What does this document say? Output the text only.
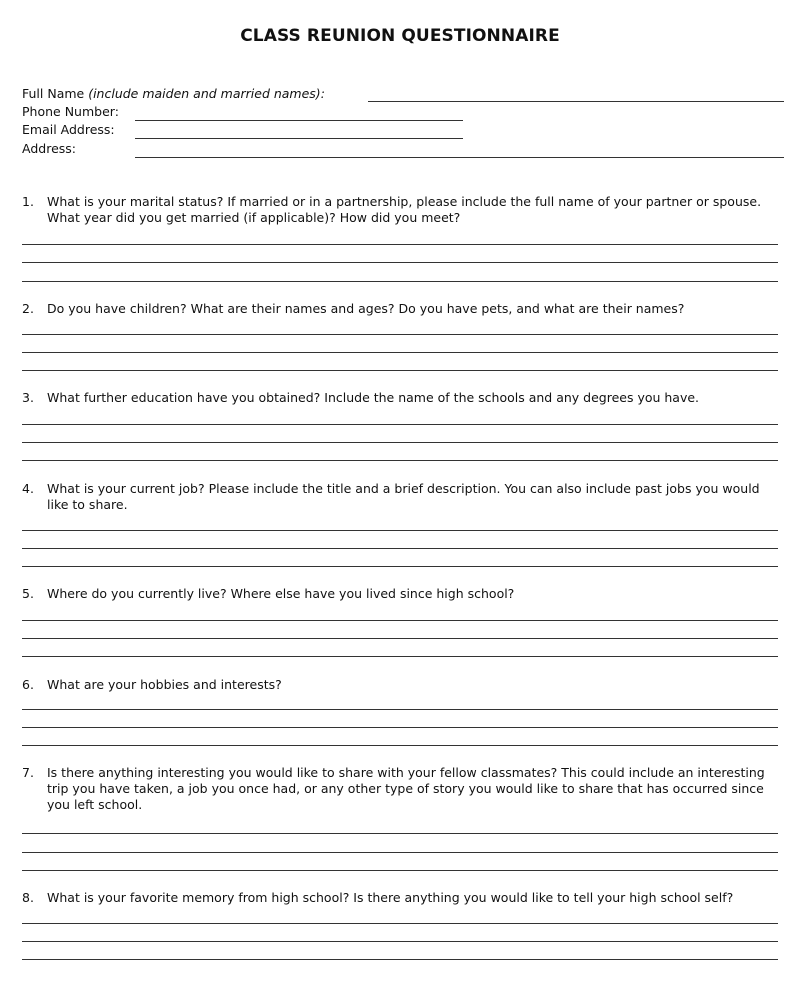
CLASS REUNION QUESTIONNAIRE
Full Name (include maiden and married names):
Phone Number:
Email Address:
Address:
1. What is your marital status? If married or in a partnership, please include the full name of your partner or spouse. What year did you get married (if applicable)? How did you meet?
2. Do you have children? What are their names and ages? Do you have pets, and what are their names?
3. What further education have you obtained? Include the name of the schools and any degrees you have.
4. What is your current job? Please include the title and a brief description. You can also include past jobs you would like to share.
5. Where do you currently live? Where else have you lived since high school?
6. What are your hobbies and interests?
7. Is there anything interesting you would like to share with your fellow classmates? This could include an interesting trip you have taken, a job you once had, or any other type of story you would like to share that has occurred since you left school.
8. What is your favorite memory from high school? Is there anything you would like to tell your high school self?
